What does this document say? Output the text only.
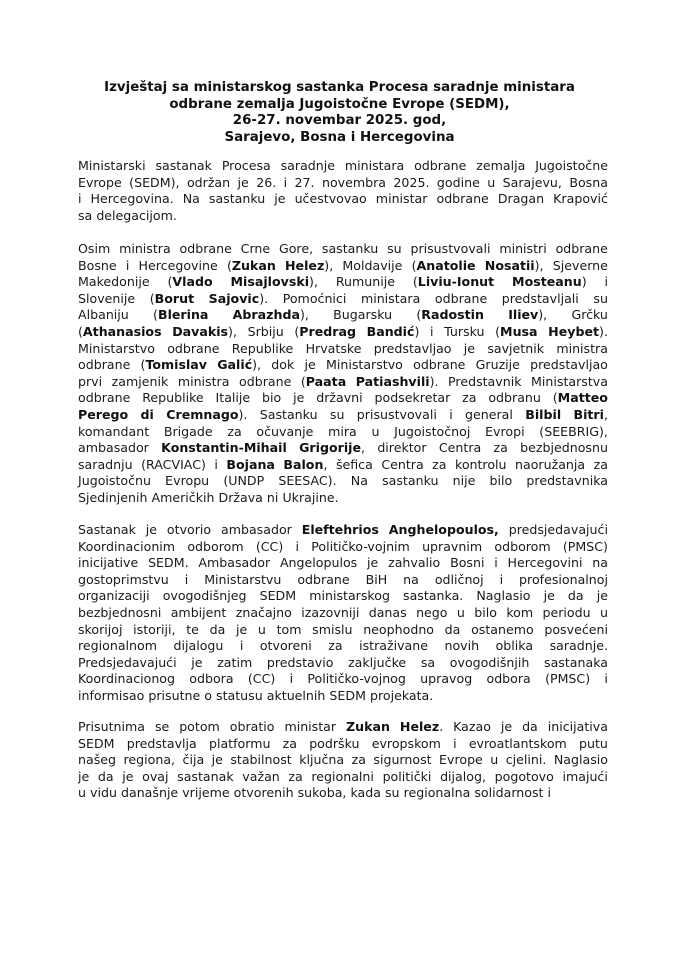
Izvještaj sa ministarskog sastanka Procesa saradnje ministara
odbrane zemalja Jugoistočne Evrope (SEDM),
26-27. novembar 2025. god,
Sarajevo, Bosna i Hercegovina
Ministarski sastanak Procesa saradnje ministara odbrane zemalja Jugoistočne
Evrope (SEDM), održan je 26. i 27. novembra 2025. godine u Sarajevu, Bosna
i Hercegovina. Na sastanku je učestvovao ministar odbrane Dragan Krapović
sa delegacijom.
Osim ministra odbrane Crne Gore, sastanku su prisustvovali ministri odbrane
Bosne i Hercegovine (Zukan Helez), Moldavije (Anatolie Nosatii), Sjeverne
Makedonije (Vlado Misajlovski), Rumunije (Liviu-Ionut Mosteanu) i
Slovenije (Borut Sajovic). Pomoćnici ministara odbrane predstavljali su
Albaniju (Blerina Abrazhda), Bugarsku (Radostin Iliev), Grčku
(Athanasios Davakis), Srbiju (Predrag Bandić) i Tursku (Musa Heybet).
Ministarstvo odbrane Republike Hrvatske predstavljao je savjetnik ministra
odbrane (Tomislav Galić), dok je Ministarstvo odbrane Gruzije predstavljao
prvi zamjenik ministra odbrane (Paata Patiashvili). Predstavnik Ministarstva
odbrane Republike Italije bio je državni podsekretar za odbranu (Matteo
Perego di Cremnago). Sastanku su prisustvovali i general Bilbil Bitri,
komandant Brigade za očuvanje mira u Jugoistočnoj Evropi (SEEBRIG),
ambasador Konstantin-Mihail Grigorije, direktor Centra za bezbjednosnu
saradnju (RACVIAC) i Bojana Balon, šefica Centra za kontrolu naoružanja za
Jugoistočnu Evropu (UNDP SEESAC). Na sastanku nije bilo predstavnika
Sjedinjenih Američkih Država ni Ukrajine.
Sastanak je otvorio ambasador Eleftehrios Anghelopoulos, predsjedavajući
Koordinacionim odborom (CC) i Političko-vojnim upravnim odborom (PMSC)
inicijative SEDM. Ambasador Angelopulos je zahvalio Bosni i Hercegovini na
gostoprimstvu i Ministarstvu odbrane BiH na odličnoj i profesionalnoj
organizaciji ovogodišnjeg SEDM ministarskog sastanka. Naglasio je da je
bezbjednosni ambijent značajno izazovniji danas nego u bilo kom periodu u
skorijoj istoriji, te da je u tom smislu neophodno da ostanemo posvećeni
regionalnom dijalogu i otvoreni za istraživane novih oblika saradnje.
Predsjedavajući je zatim predstavio zaključke sa ovogodišnjih sastanaka
Koordinacionog odbora (CC) i Političko-vojnog upravog odbora (PMSC) i
informisao prisutne o statusu aktuelnih SEDM projekata.
Prisutnima se potom obratio ministar Zukan Helez. Kazao je da inicijativa
SEDM predstavlja platformu za podršku evropskom i evroatlantskom putu
našeg regiona, čija je stabilnost ključna za sigurnost Evrope u cjelini. Naglasio
je da je ovaj sastanak važan za regionalni politički dijalog, pogotovo imajući
u vidu današnje vrijeme otvorenih sukoba, kada su regionalna solidarnost i
